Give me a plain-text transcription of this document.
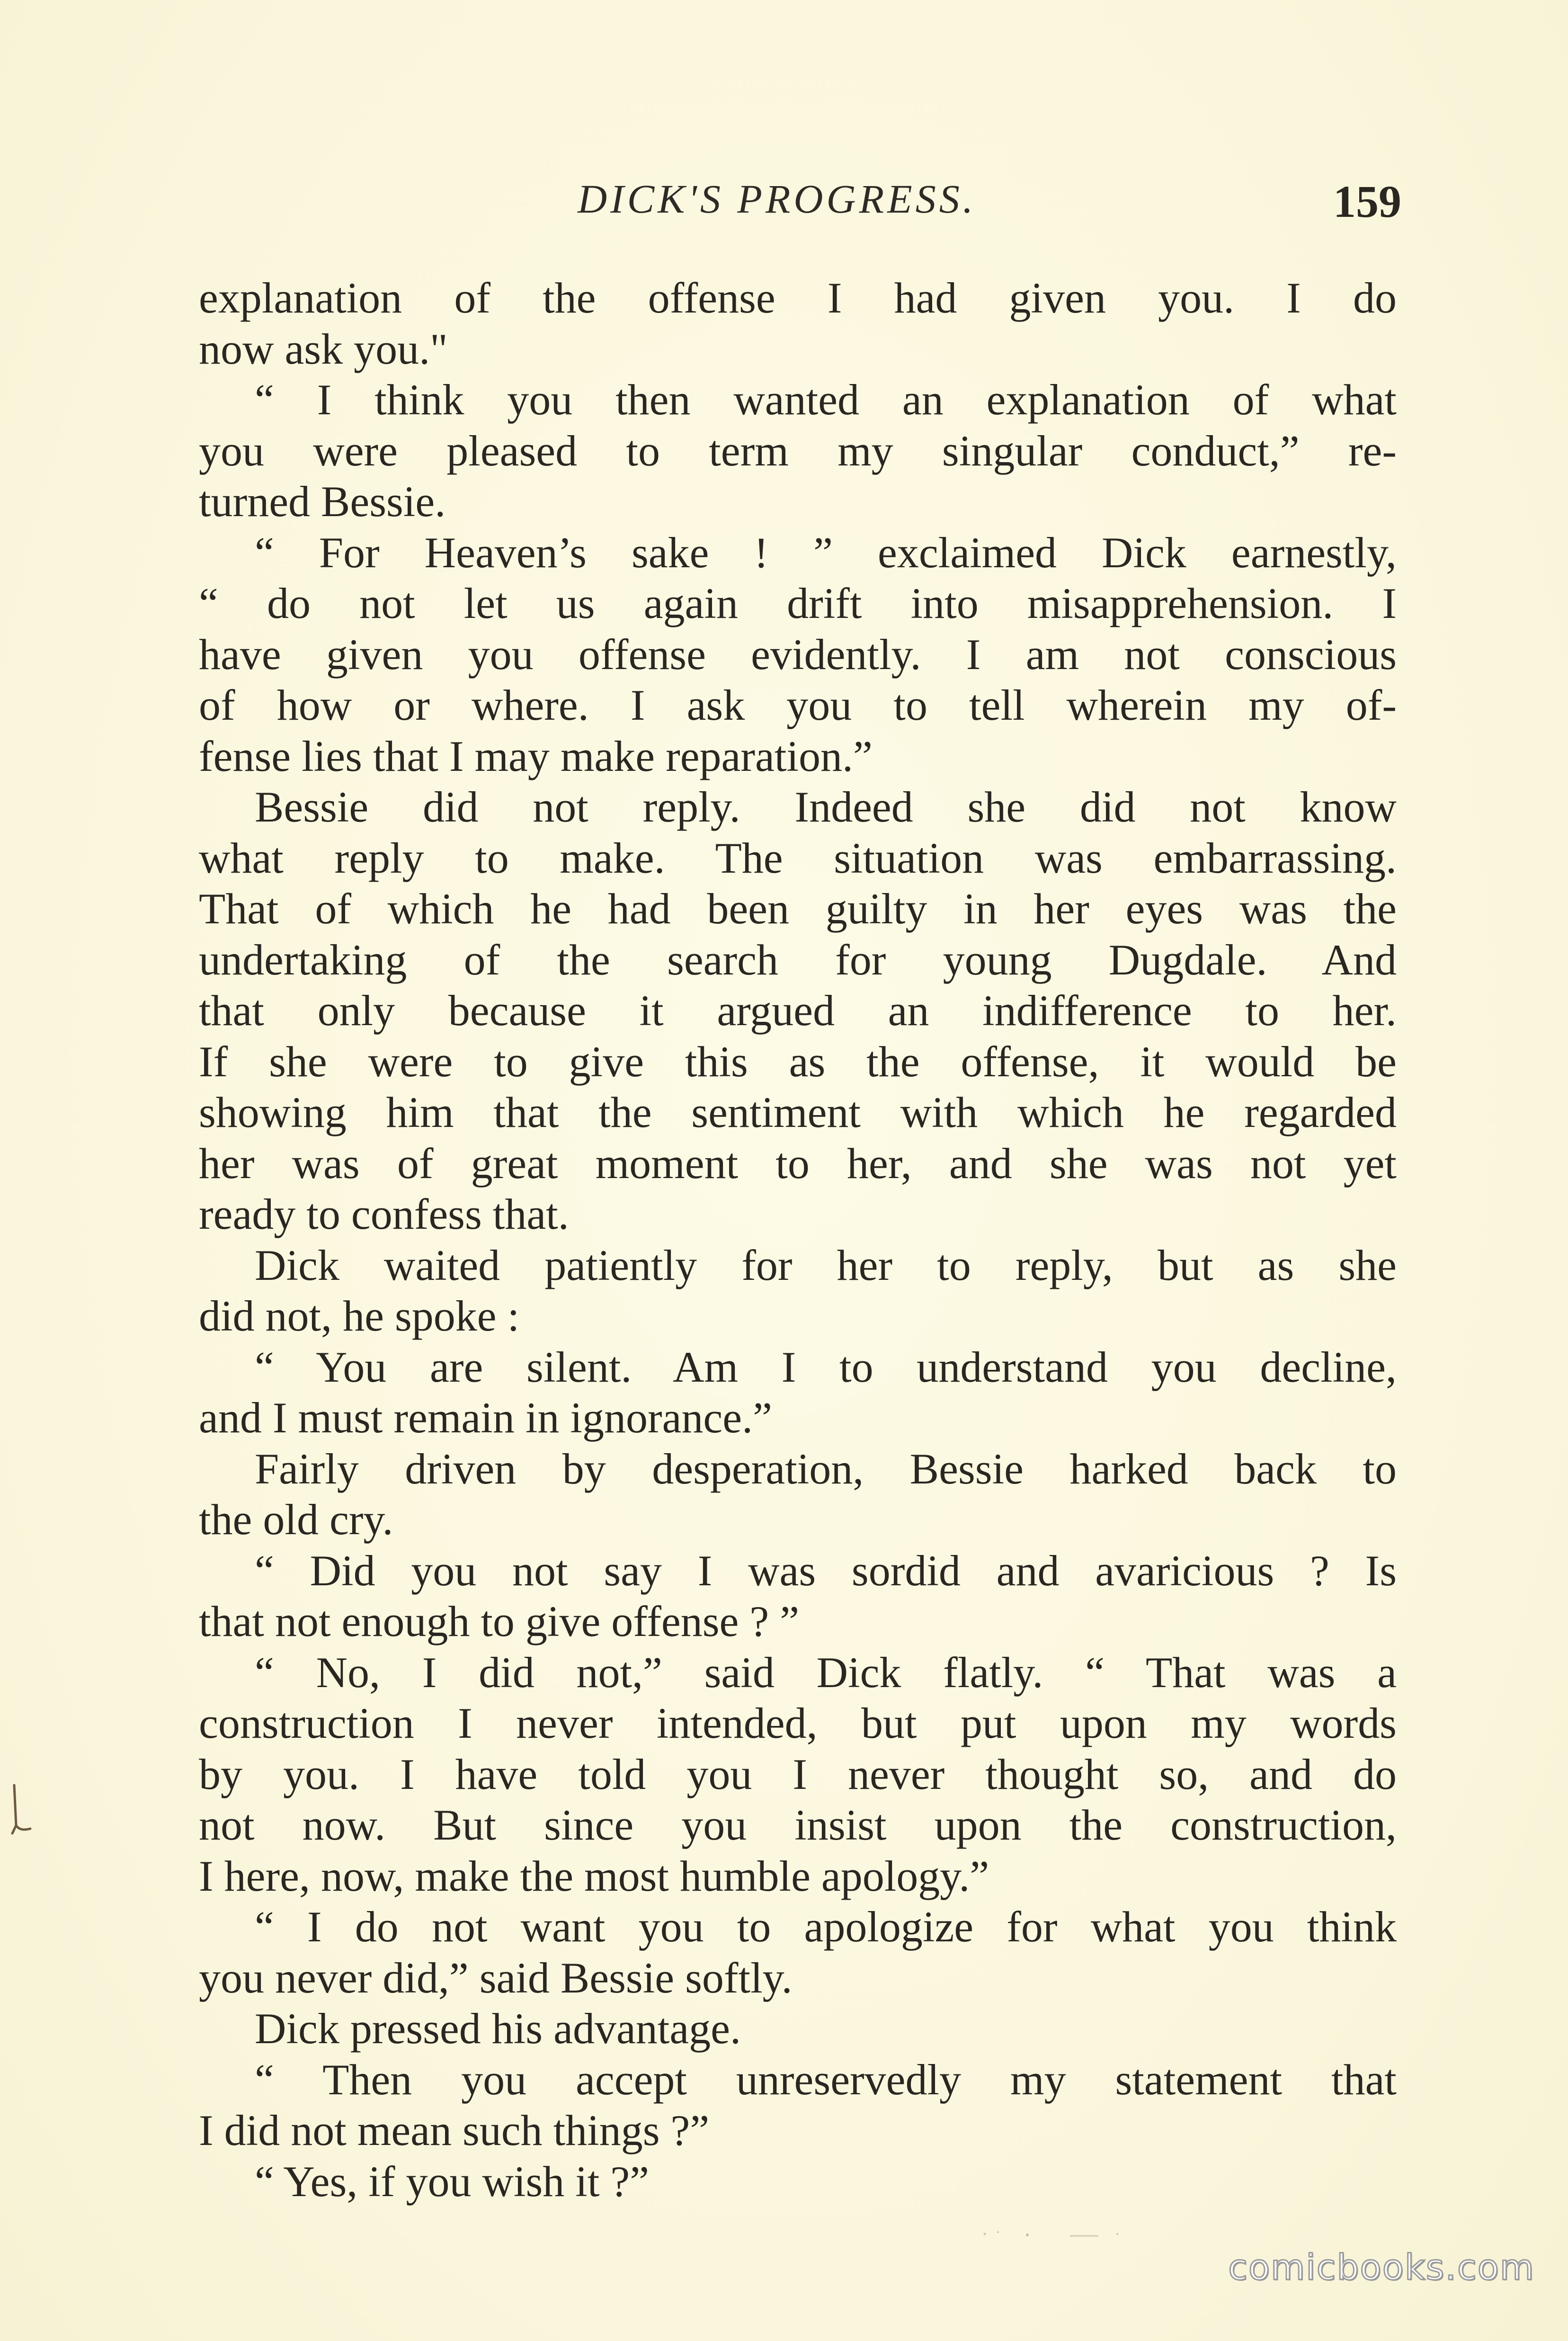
DICK'S PROGRESS.	159
explanation of the offense I had given you. I do
now ask you."
“ I think you then wanted an explanation of what
you were pleased to term my singular conduct,” re-
turned Bessie.
“ For Heaven’s sake ! ” exclaimed Dick earnestly,
“ do not let us again drift into misapprehension. I
have given you offense evidently. I am not conscious
of how or where. I ask you to tell wherein my of-
fense lies that I may make reparation.”
Bessie did not reply. Indeed she did not know
what reply to make. The situation was embarrassing.
That of which he had been guilty in her eyes was the
undertaking of the search for young Dugdale. And
that only because it argued an indifference to her.
If she were to give this as the offense, it would be
showing him that the sentiment with which he regarded
her was of great moment to her, and she was not yet
ready to confess that.
Dick waited patiently for her to reply, but as she
did not, he spoke :
“ You are silent. Am I to understand you decline,
and I must remain in ignorance.”
Fairly driven by desperation, Bessie harked back to
the old cry.
“ Did you not say I was sordid and avaricious ? Is
that not enough to give offense ? ”
“ No, I did not,” said Dick flatly. “ That was a
construction I never intended, but put upon my words
by you. I have told you I never thought so, and do
not now. But since you insist upon the construction,
I here, now, make the most humble apology.”
“ I do not want you to apologize for what you think
you never did,” said Bessie softly.
Dick pressed his advantage.
“ Then you accept unreservedly my statement that
I did not mean such things ?”
“ Yes, if you wish it ?”
comicbooks.com
